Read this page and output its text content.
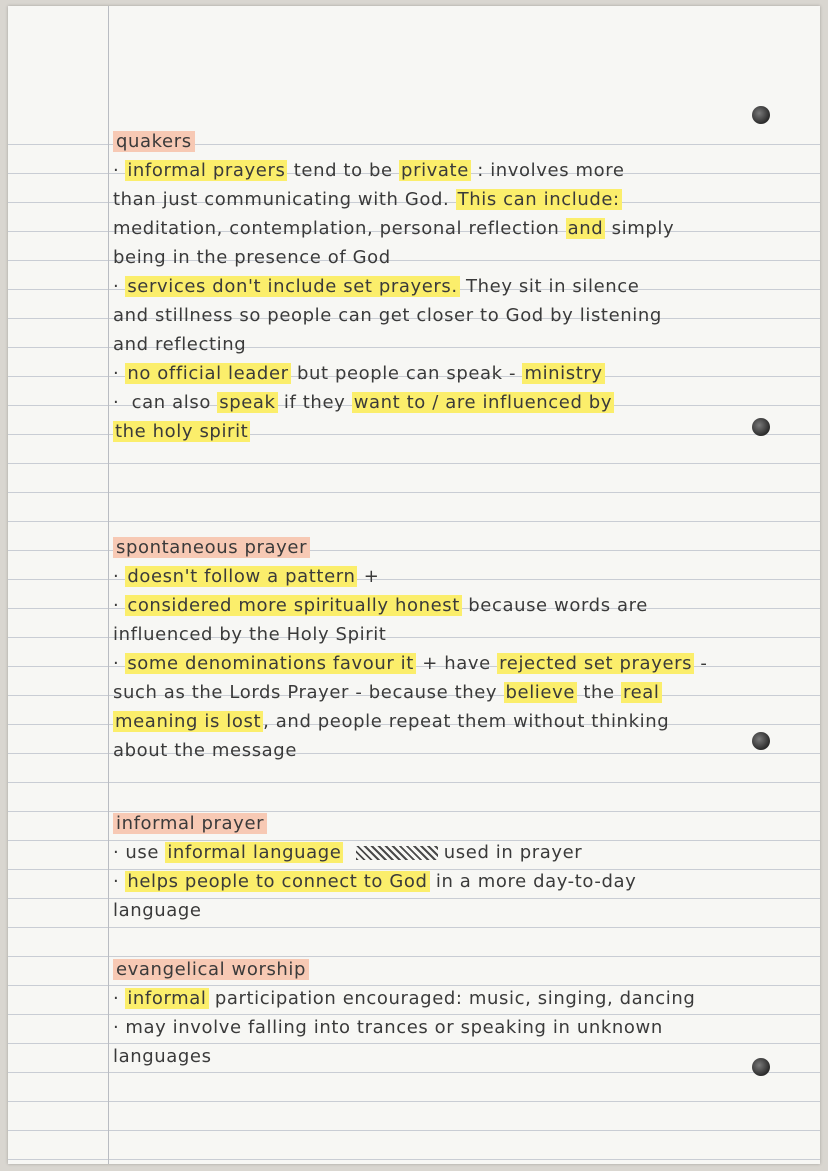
quakers
· informal prayers tend to be private : involves more
than just communicating with God. This can include:
meditation, contemplation, personal reflection and simply
being in the presence of God
· services don't include set prayers. They sit in silence
and stillness so people can get closer to God by listening
and reflecting
· no official leader but people can speak - ministry
· can also speak if they want to / are influenced by
the holy spirit
spontaneous prayer
· doesn't follow a pattern +
· considered more spiritually honest because words are
influenced by the Holy Spirit
· some denominations favour it + have rejected set prayers -
such as the Lords Prayer - because they believe the real
meaning is lost , and people repeat them without thinking
about the message
informal prayer
· use informal language	used in prayer
· helps people to connect to God in a more day-to-day
language
evangelical worship
· informal participation encouraged: music, singing, dancing
· may involve falling into trances or speaking in unknown
languages
